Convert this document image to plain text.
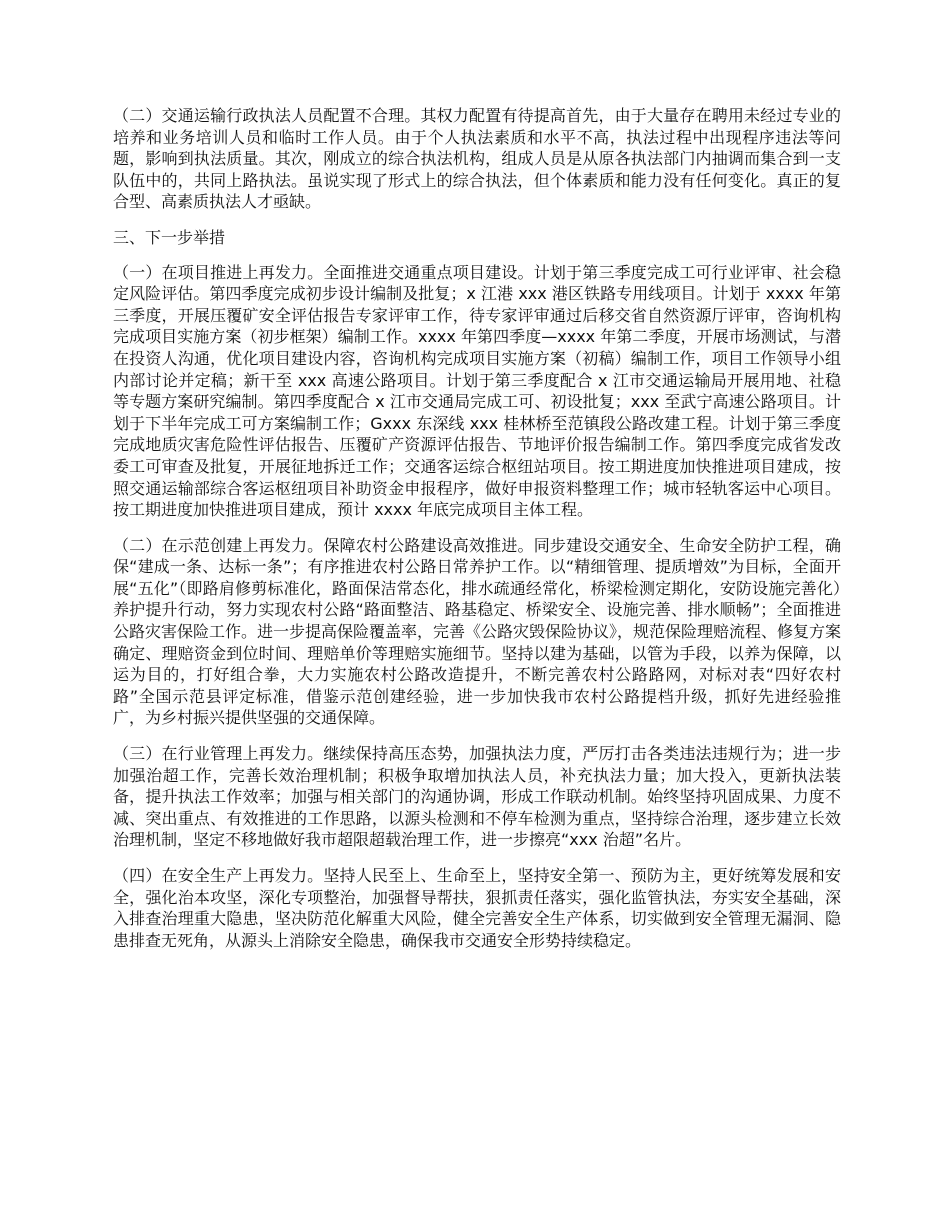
（二）交通运输行政执法人员配置不合理。其权力配置有待提高首先，由于大量存在聘用未经过专业的培养和业务培训人员和临时工作人员。由于个人执法素质和水平不高，执法过程中出现程序违法等问题，影响到执法质量。其次，刚成立的综合执法机构，组成人员是从原各执法部门内抽调而集合到一支队伍中的，共同上路执法。虽说实现了形式上的综合执法，但个体素质和能力没有任何变化。真正的复合型、高素质执法人才亟缺。

三、下一步举措

（一）在项目推进上再发力。全面推进交通重点项目建设。计划于第三季度完成工可行业评审、社会稳定风险评估。第四季度完成初步设计编制及批复；x 江港 xxx 港区铁路专用线项目。计划于 xxxx 年第三季度，开展压覆矿安全评估报告专家评审工作，待专家评审通过后移交省自然资源厅评审，咨询机构完成项目实施方案（初步框架）编制工作。xxxx 年第四季度—xxxx 年第二季度，开展市场测试，与潜在投资人沟通，优化项目建设内容，咨询机构完成项目实施方案（初稿）编制工作，项目工作领导小组内部讨论并定稿；新干至 xxx 高速公路项目。计划于第三季度配合 x 江市交通运输局开展用地、社稳等专题方案研究编制。第四季度配合 x 江市交通局完成工可、初设批复；xxx 至武宁高速公路项目。计划于下半年完成工可方案编制工作；Gxxx 东深线 xxx 桂林桥至范镇段公路改建工程。计划于第三季度完成地质灾害危险性评估报告、压覆矿产资源评估报告、节地评价报告编制工作。第四季度完成省发改委工可审查及批复，开展征地拆迁工作；交通客运综合枢纽站项目。按工期进度加快推进项目建成，按照交通运输部综合客运枢纽项目补助资金申报程序，做好申报资料整理工作；城市轻轨客运中心项目。按工期进度加快推进项目建成，预计 xxxx 年底完成项目主体工程。

（二）在示范创建上再发力。保障农村公路建设高效推进。同步建设交通安全、生命安全防护工程，确保“建成一条、达标一条”；有序推进农村公路日常养护工作。以“精细管理、提质增效”为目标，全面开展“五化”（即路肩修剪标准化，路面保洁常态化，排水疏通经常化，桥梁检测定期化，安防设施完善化）养护提升行动，努力实现农村公路“路面整洁、路基稳定、桥梁安全、设施完善、排水顺畅”；全面推进公路灾害保险工作。进一步提高保险覆盖率，完善《公路灾毁保险协议》，规范保险理赔流程、修复方案确定、理赔资金到位时间、理赔单价等理赔实施细节。坚持以建为基础，以管为手段，以养为保障，以运为目的，打好组合拳，大力实施农村公路改造提升，不断完善农村公路路网，对标对表“四好农村路”全国示范县评定标准，借鉴示范创建经验，进一步加快我市农村公路提档升级，抓好先进经验推广，为乡村振兴提供坚强的交通保障。

（三）在行业管理上再发力。继续保持高压态势，加强执法力度，严厉打击各类违法违规行为；进一步加强治超工作，完善长效治理机制；积极争取增加执法人员，补充执法力量；加大投入，更新执法装备，提升执法工作效率；加强与相关部门的沟通协调，形成工作联动机制。始终坚持巩固成果、力度不减、突出重点、有效推进的工作思路，以源头检测和不停车检测为重点，坚持综合治理，逐步建立长效治理机制，坚定不移地做好我市超限超载治理工作，进一步擦亮“xxx 治超”名片。

（四）在安全生产上再发力。坚持人民至上、生命至上，坚持安全第一、预防为主，更好统筹发展和安全，强化治本攻坚，深化专项整治，加强督导帮扶，狠抓责任落实，强化监管执法，夯实安全基础，深入排查治理重大隐患，坚决防范化解重大风险，健全完善安全生产体系，切实做到安全管理无漏洞、隐患排查无死角，从源头上消除安全隐患，确保我市交通安全形势持续稳定。
